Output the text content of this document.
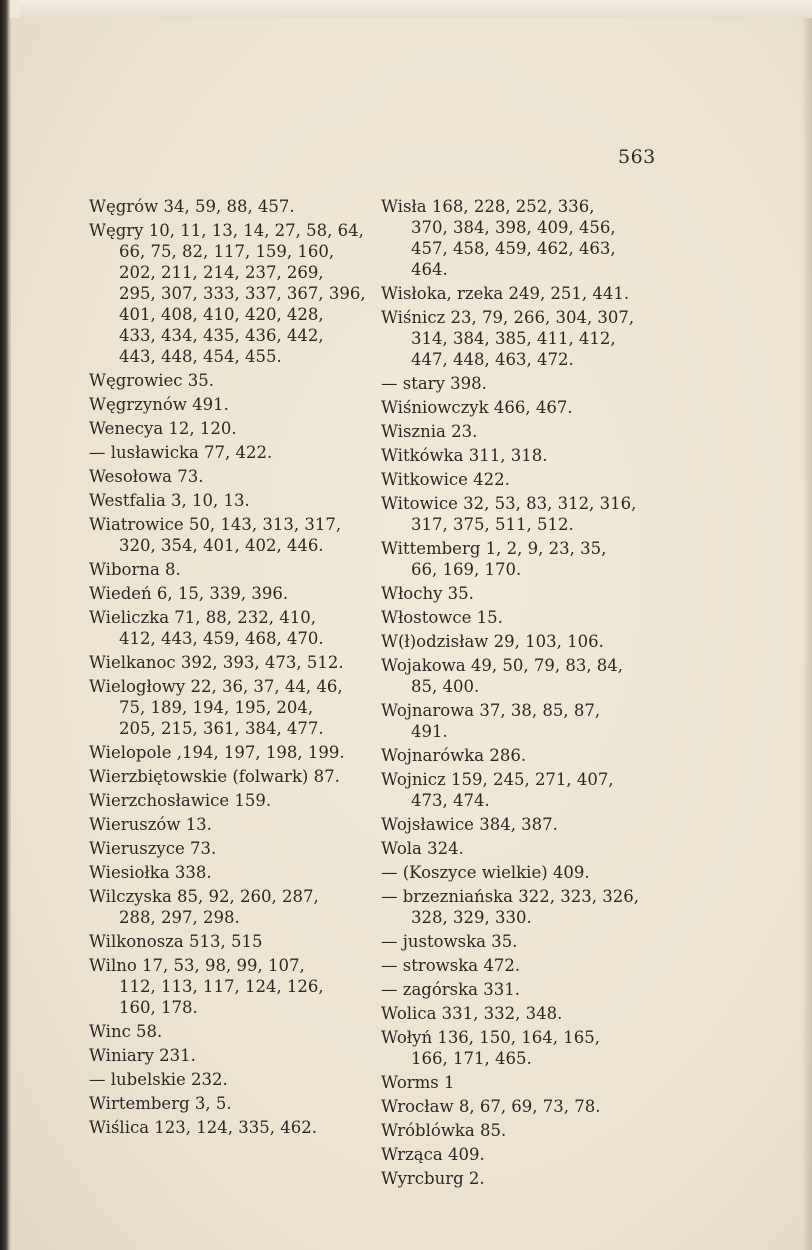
563

Węgrów 34, 59, 88, 457.

Węgry 10, 11, 13, 14, 27, 58, 64,
66, 75, 82, 117, 159, 160,
202, 211, 214, 237, 269,
295, 307, 333, 337, 367, 396,
401, 408, 410, 420, 428,
433, 434, 435, 436, 442,
443, 448, 454, 455.

Węgrowiec 35.

Węgrzynów 491.

Wenecya 12, 120.

— lusławicka 77, 422.

Wesołowa 73.

Westfalia 3, 10, 13.

Wiatrowice 50, 143, 313, 317,
320, 354, 401, 402, 446.

Wiborna 8.

Wiedeń 6, 15, 339, 396.

Wieliczka 71, 88, 232, 410,
412, 443, 459, 468, 470.

Wielkanoc 392, 393, 473, 512.

Wielogłowy 22, 36, 37, 44, 46,
75, 189, 194, 195, 204,
205, 215, 361, 384, 477.

Wielopole ,194, 197, 198, 199.

Wierzbiętowskie (folwark) 87.

Wierzchosławice 159.

Wieruszów 13.

Wieruszyce 73.

Wiesiołka 338.

Wilczyska 85, 92, 260, 287,
288, 297, 298.

Wilkonosza 513, 515

Wilno 17, 53, 98, 99, 107,
112, 113, 117, 124, 126,
160, 178.

Winc 58.

Winiary 231.

— lubelskie 232.

Wirtemberg 3, 5.

Wiślica 123, 124, 335, 462.

Wisła 168, 228, 252, 336,
370, 384, 398, 409, 456,
457, 458, 459, 462, 463,
464.

Wisłoka, rzeka 249, 251, 441.

Wiśnicz 23, 79, 266, 304, 307,
314, 384, 385, 411, 412,
447, 448, 463, 472.

— stary 398.

Wiśniowczyk 466, 467.

Wisznia 23.

Witkówka 311, 318.

Witkowice 422.

Witowice 32, 53, 83, 312, 316,
317, 375, 511, 512.

Wittemberg 1, 2, 9, 23, 35,
66, 169, 170.

Włochy 35.

Włostowce 15.

W(ł)odzisław 29, 103, 106.

Wojakowa 49, 50, 79, 83, 84,
85, 400.

Wojnarowa 37, 38, 85, 87,
491.

Wojnarówka 286.

Wojnicz 159, 245, 271, 407,
473, 474.

Wojsławice 384, 387.

Wola 324.

— (Koszyce wielkie) 409.

— brzezniańska 322, 323, 326,
328, 329, 330.

— justowska 35.

— strowska 472.

— zagórska 331.

Wolica 331, 332, 348.

Wołyń 136, 150, 164, 165,
166, 171, 465.

Worms 1

Wrocław 8, 67, 69, 73, 78.

Wróblówka 85.

Wrząca 409.

Wyrcburg 2.
